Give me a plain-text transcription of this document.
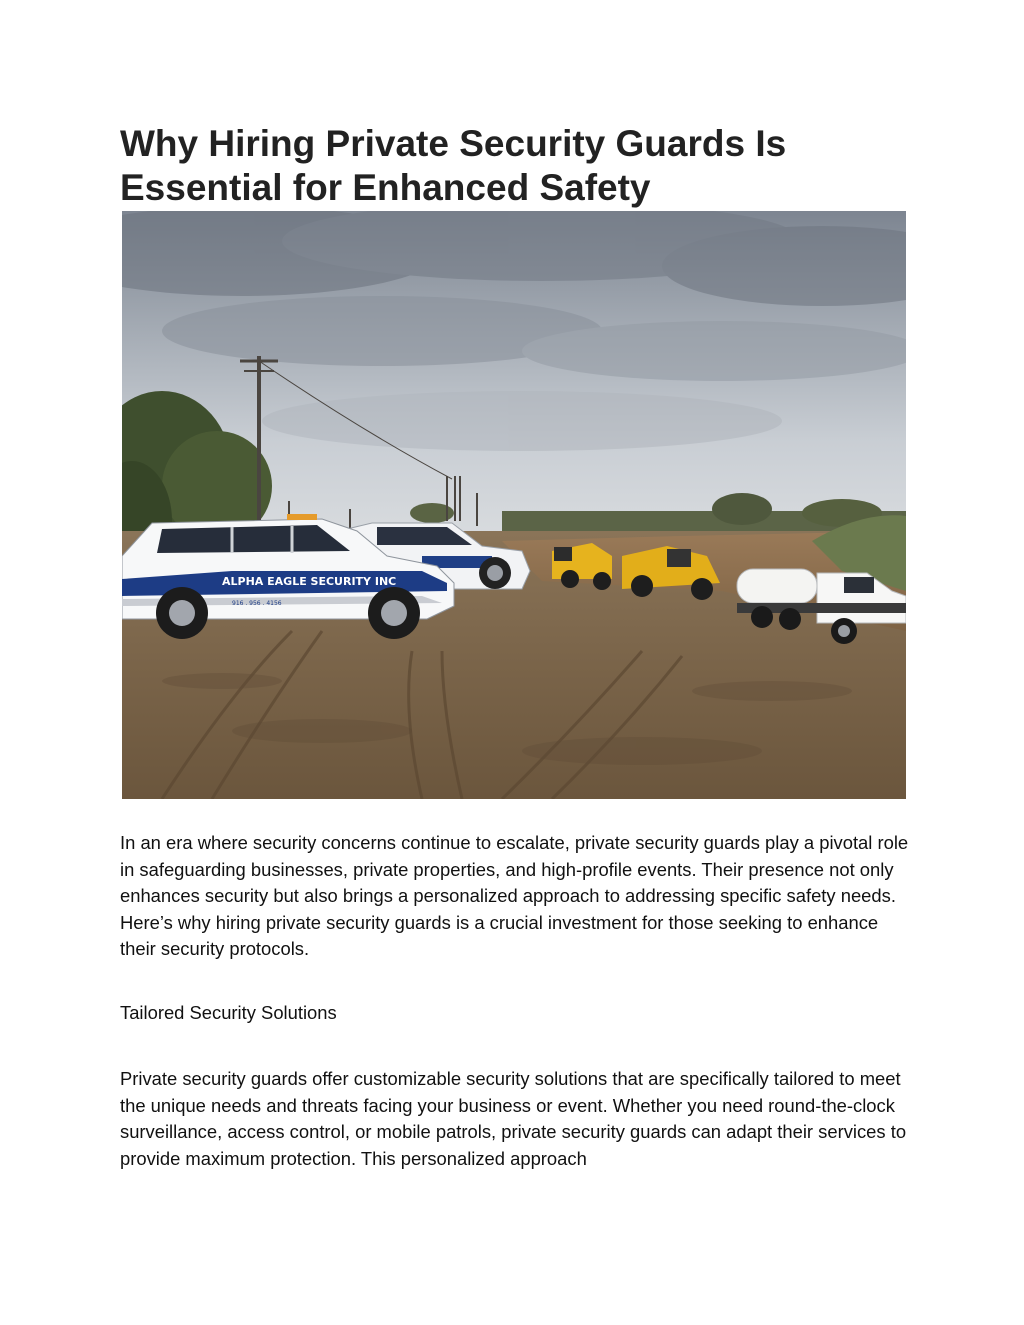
Why Hiring Private Security Guards Is Essential for Enhanced Safety
ALPHA EAGLE SECURITY INC
916 . 956 . 4156

In an era where security concerns continue to escalate, private security guards play a pivotal role in safeguarding businesses, private properties, and high-profile events. Their presence not only enhances security but also brings a personalized approach to addressing specific safety needs. Here’s why hiring private security guards is a crucial investment for those seeking to enhance their security protocols.

Tailored Security Solutions

Private security guards offer customizable security solutions that are specifically tailored to meet the unique needs and threats facing your business or event. Whether you need round-the-clock surveillance, access control, or mobile patrols, private security guards can adapt their services to provide maximum protection. This personalized approach
